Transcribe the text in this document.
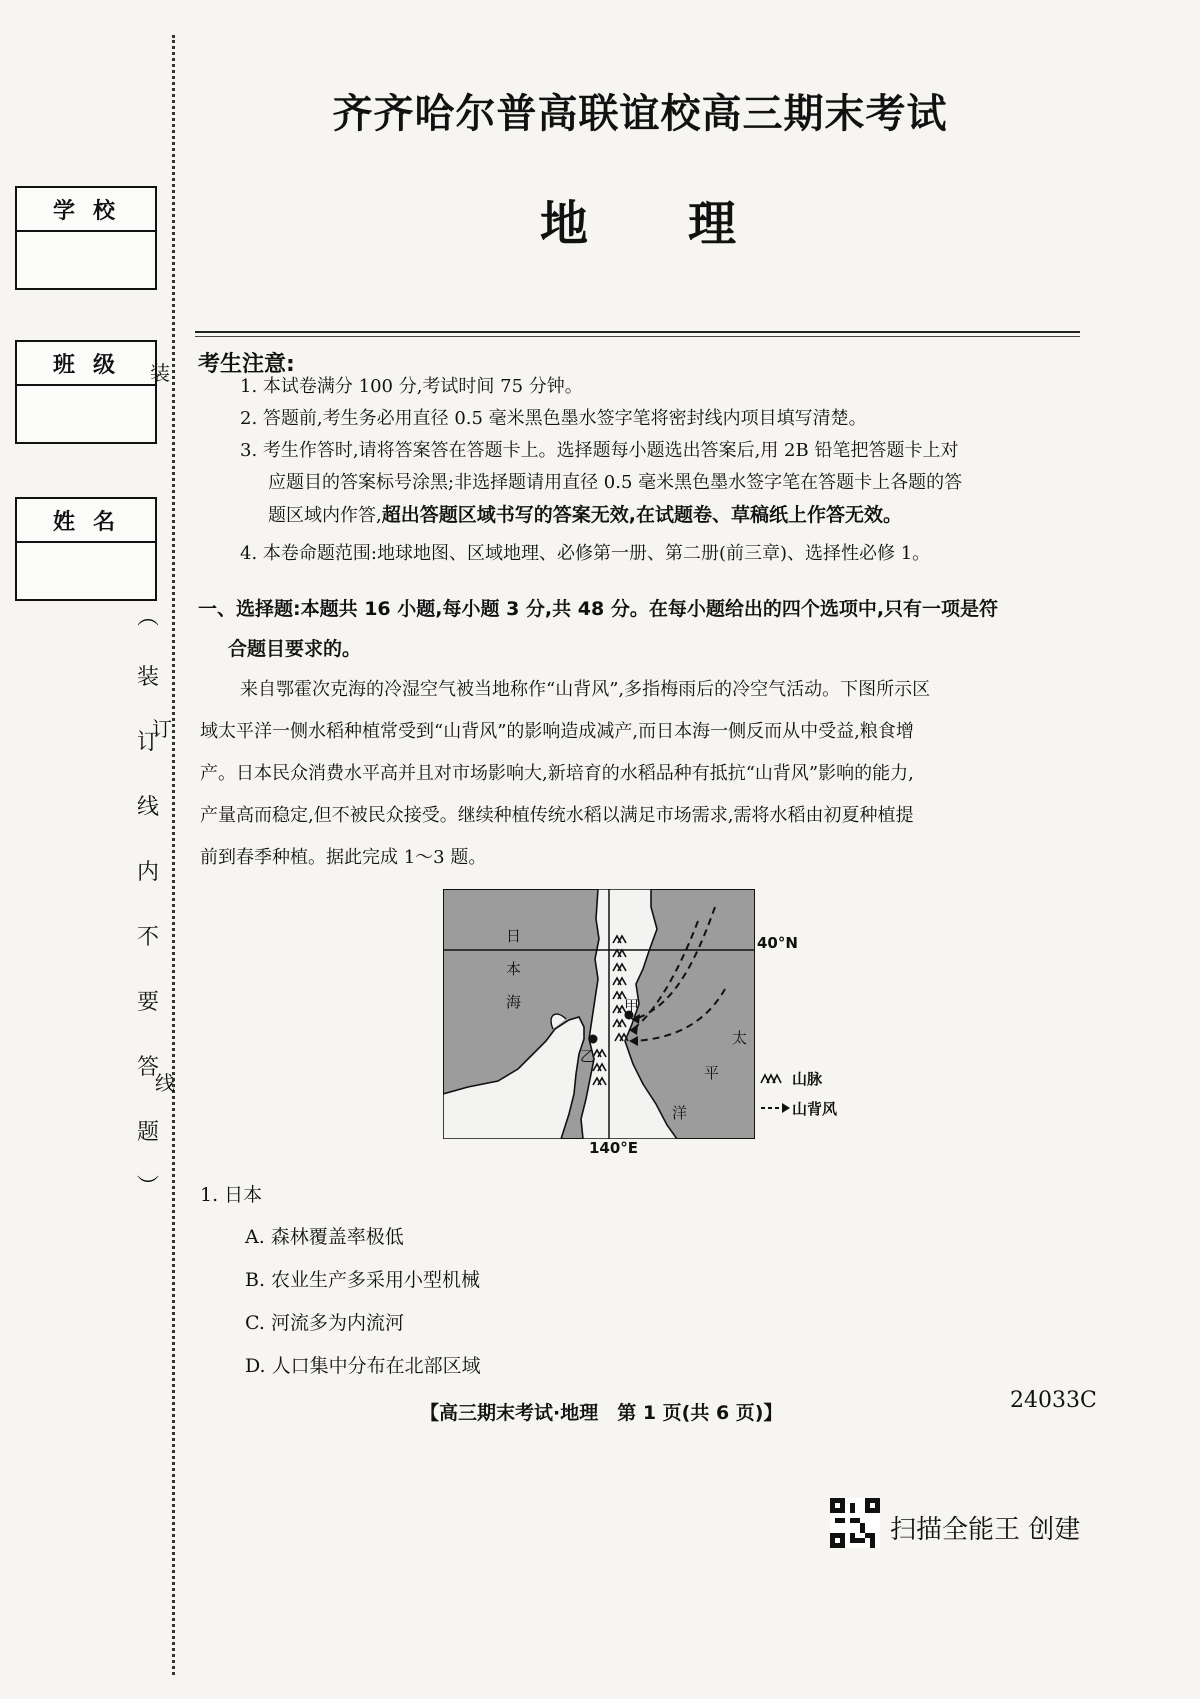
学校
班级
姓名
装
订
线
︵
装
订
线
内
不
要
答
题
︶
齐齐哈尔普高联谊校高三期末考试
地理
考生注意:
1. 本试卷满分 100 分,考试时间 75 分钟。
2. 答题前,考生务必用直径 0.5 毫米黑色墨水签字笔将密封线内项目填写清楚。
3. 考生作答时,请将答案答在答题卡上。选择题每小题选出答案后,用 2B 铅笔把答题卡上对
应题目的答案标号涂黑;非选择题请用直径 0.5 毫米黑色墨水签字笔在答题卡上各题的答
题区域内作答,超出答题区域书写的答案无效,在试题卷、草稿纸上作答无效。
4. 本卷命题范围:地球地图、区域地理、必修第一册、第二册(前三章)、选择性必修 1。
一、选择题:本题共 16 小题,每小题 3 分,共 48 分。在每小题给出的四个选项中,只有一项是符
合题目要求的。
来自鄂霍次克海的冷湿空气被当地称作“山背风”,多指梅雨后的冷空气活动。下图所示区
域太平洋一侧水稻种植常受到“山背风”的影响造成减产,而日本海一侧反而从中受益,粮食增
产。日本民众消费水平高并且对市场影响大,新培育的水稻品种有抵抗“山背风”影响的能力,
产量高而稳定,但不被民众接受。继续种植传统水稻以满足市场需求,需将水稻由初夏种植提
前到春季种植。据此完成 1～3 题。
日
本
海
太
平
洋
甲
乙
40°N
140°E
山脉
山背风
1. 日本
A. 森林覆盖率极低
B. 农业生产多采用小型机械
C. 河流多为内流河
D. 人口集中分布在北部区域
【高三期末考试·地理　第 1 页(共 6 页)】	24033C
扫描全能王 创建
